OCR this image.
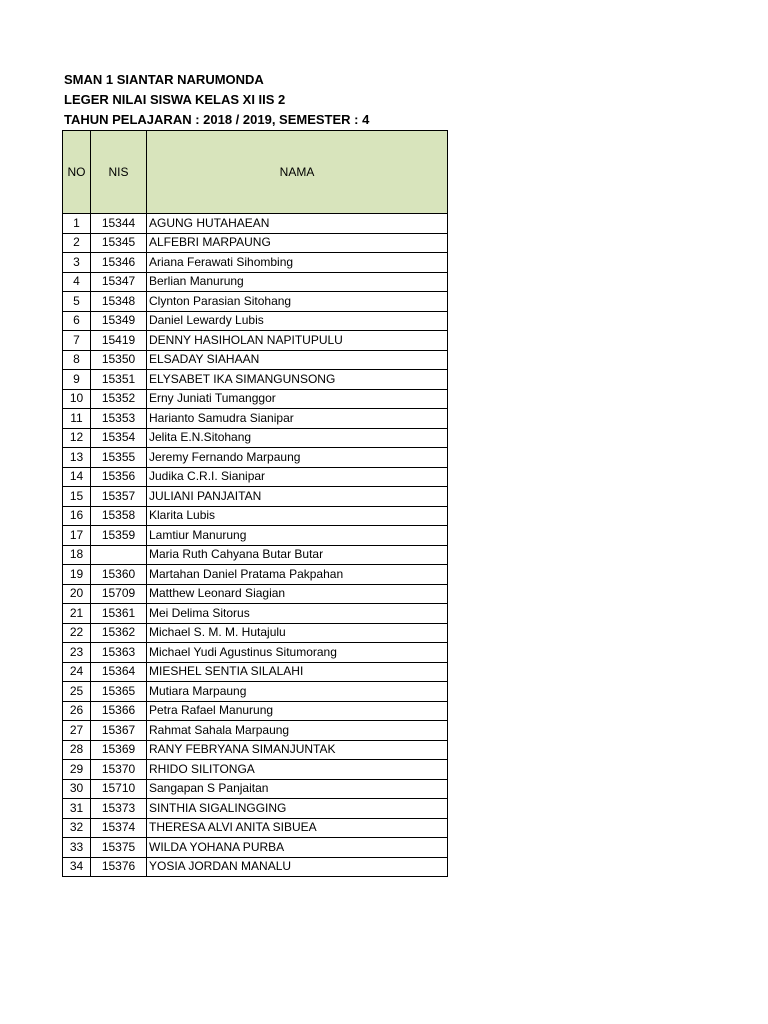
SMAN 1 SIANTAR NARUMONDA
LEGER NILAI SISWA KELAS XI IIS 2
TAHUN PELAJARAN : 2018 / 2019, SEMESTER : 4
NO	NIS	NAMA
1	15344	AGUNG HUTAHAEAN
2	15345	ALFEBRI MARPAUNG
3	15346	Ariana Ferawati Sihombing
4	15347	Berlian Manurung
5	15348	Clynton Parasian Sitohang
6	15349	Daniel Lewardy Lubis
7	15419	DENNY HASIHOLAN NAPITUPULU
8	15350	ELSADAY SIAHAAN
9	15351	ELYSABET IKA SIMANGUNSONG
10	15352	Erny Juniati Tumanggor
11	15353	Harianto Samudra Sianipar
12	15354	Jelita E.N.Sitohang
13	15355	Jeremy Fernando Marpaung
14	15356	Judika C.R.I. Sianipar
15	15357	JULIANI PANJAITAN
16	15358	Klarita Lubis
17	15359	Lamtiur Manurung
18		Maria Ruth Cahyana Butar Butar
19	15360	Martahan Daniel Pratama Pakpahan
20	15709	Matthew Leonard Siagian
21	15361	Mei Delima Sitorus
22	15362	Michael S. M. M. Hutajulu
23	15363	Michael Yudi Agustinus Situmorang
24	15364	MIESHEL SENTIA SILALAHI
25	15365	Mutiara Marpaung
26	15366	Petra Rafael Manurung
27	15367	Rahmat Sahala Marpaung
28	15369	RANY FEBRYANA SIMANJUNTAK
29	15370	RHIDO SILITONGA
30	15710	Sangapan S Panjaitan
31	15373	SINTHIA SIGALINGGING
32	15374	THERESA ALVI ANITA SIBUEA
33	15375	WILDA YOHANA PURBA
34	15376	YOSIA JORDAN MANALU
